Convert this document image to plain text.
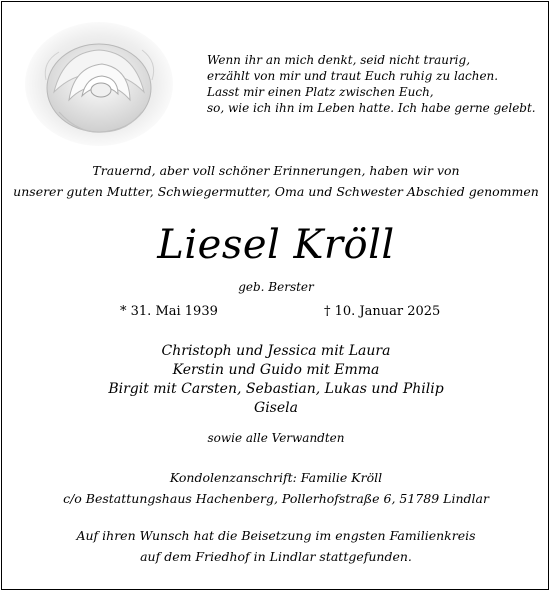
Wenn ihr an mich denkt, seid nicht traurig,
erzählt von mir und traut Euch ruhig zu lachen.
Lasst mir einen Platz zwischen Euch,
so, wie ich ihn im Leben hatte. Ich habe gerne gelebt.
Trauernd, aber voll schöner Erinnerungen, haben wir von
unserer guten Mutter, Schwiegermutter, Oma und Schwester Abschied genommen
Liesel Kröll
geb. Berster
* 31. Mai 1939	† 10. Januar 2025
Christoph und Jessica mit Laura
Kerstin und Guido mit Emma
Birgit mit Carsten, Sebastian, Lukas und Philip
Gisela
sowie alle Verwandten
Kondolenzanschrift: Familie Kröll
c/o Bestattungshaus Hachenberg, Pollerhofstraße 6, 51789 Lindlar
Auf ihren Wunsch hat die Beisetzung im engsten Familienkreis
auf dem Friedhof in Lindlar stattgefunden.
